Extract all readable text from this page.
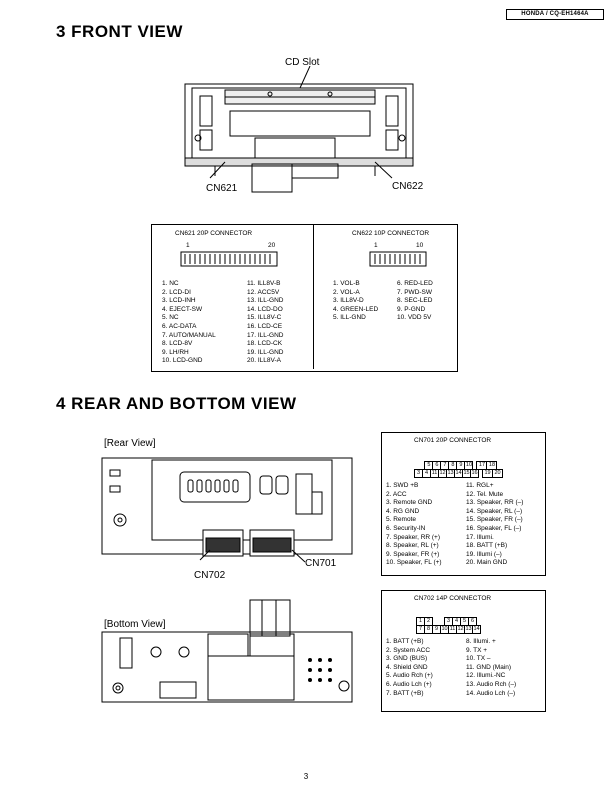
HONDA / CQ-EH1464A
3 FRONT VIEW
CD Slot
CN621	CN622
CN621 20P CONNECTOR
1	20
1. NC
2. LCD-DI
3. LCD-INH
4. EJECT-SW
5. NC
6. AC-DATA
7. AUTO/MANUAL
8. LCD-8V
9. LH/RH
10. LCD-GND
11. ILL8V-B
12. ACC5V
13. ILL-GND
14. LCD-DO
15. ILL8V-C
16. LCD-CE
17. ILL-GND
18. LCD-CK
19. ILL-GND
20. ILL8V-A
CN622 10P CONNECTOR
1	10
1. VOL-B
2. VOL-A
3. ILL8V-D
4. GREEN-LED
5. ILL-GND
6. RED-LED
7. PWD-SW
8. SEC-LED
9. P-GND
10. VDD 5V
4 REAR AND BOTTOM VIEW
[Rear View]
CN701
CN702
CN701 20P CONNECTOR
5 6 7 8 9 10 17 18
3 4 11 12 13 14 15 16 19 20
1. SWD +B
2. ACC
3. Remote GND
4. RG GND
5. Remote
6. Security-IN
7. Speaker, RR (+)
8. Speaker, RL (+)
9. Speaker, FR (+)
10. Speaker, FL (+)
11. RGL+
12. Tel. Mute
13. Speaker, RR (–)
14. Speaker, RL (–)
15. Speaker, FR (–)
16. Speaker, FL (–)
17. Illumi.
18. BATT (+B)
19. Illumi (–)
20. Main GND
[Bottom View]
CN702 14P CONNECTOR
1 2	3 4 5 6
7 8 9 10 11 12 13 14
1. BATT (+B)
2. System ACC
3. GND (BUS)
4. Shield GND
5. Audio Rch (+)
6. Audio Lch (+)
7. BATT (+B)
8. Illumi. +
9. TX +
10. TX –
11. GND (Main)
12. Illumi.-NC
13. Audio Rch (–)
14. Audio Lch (–)
3
